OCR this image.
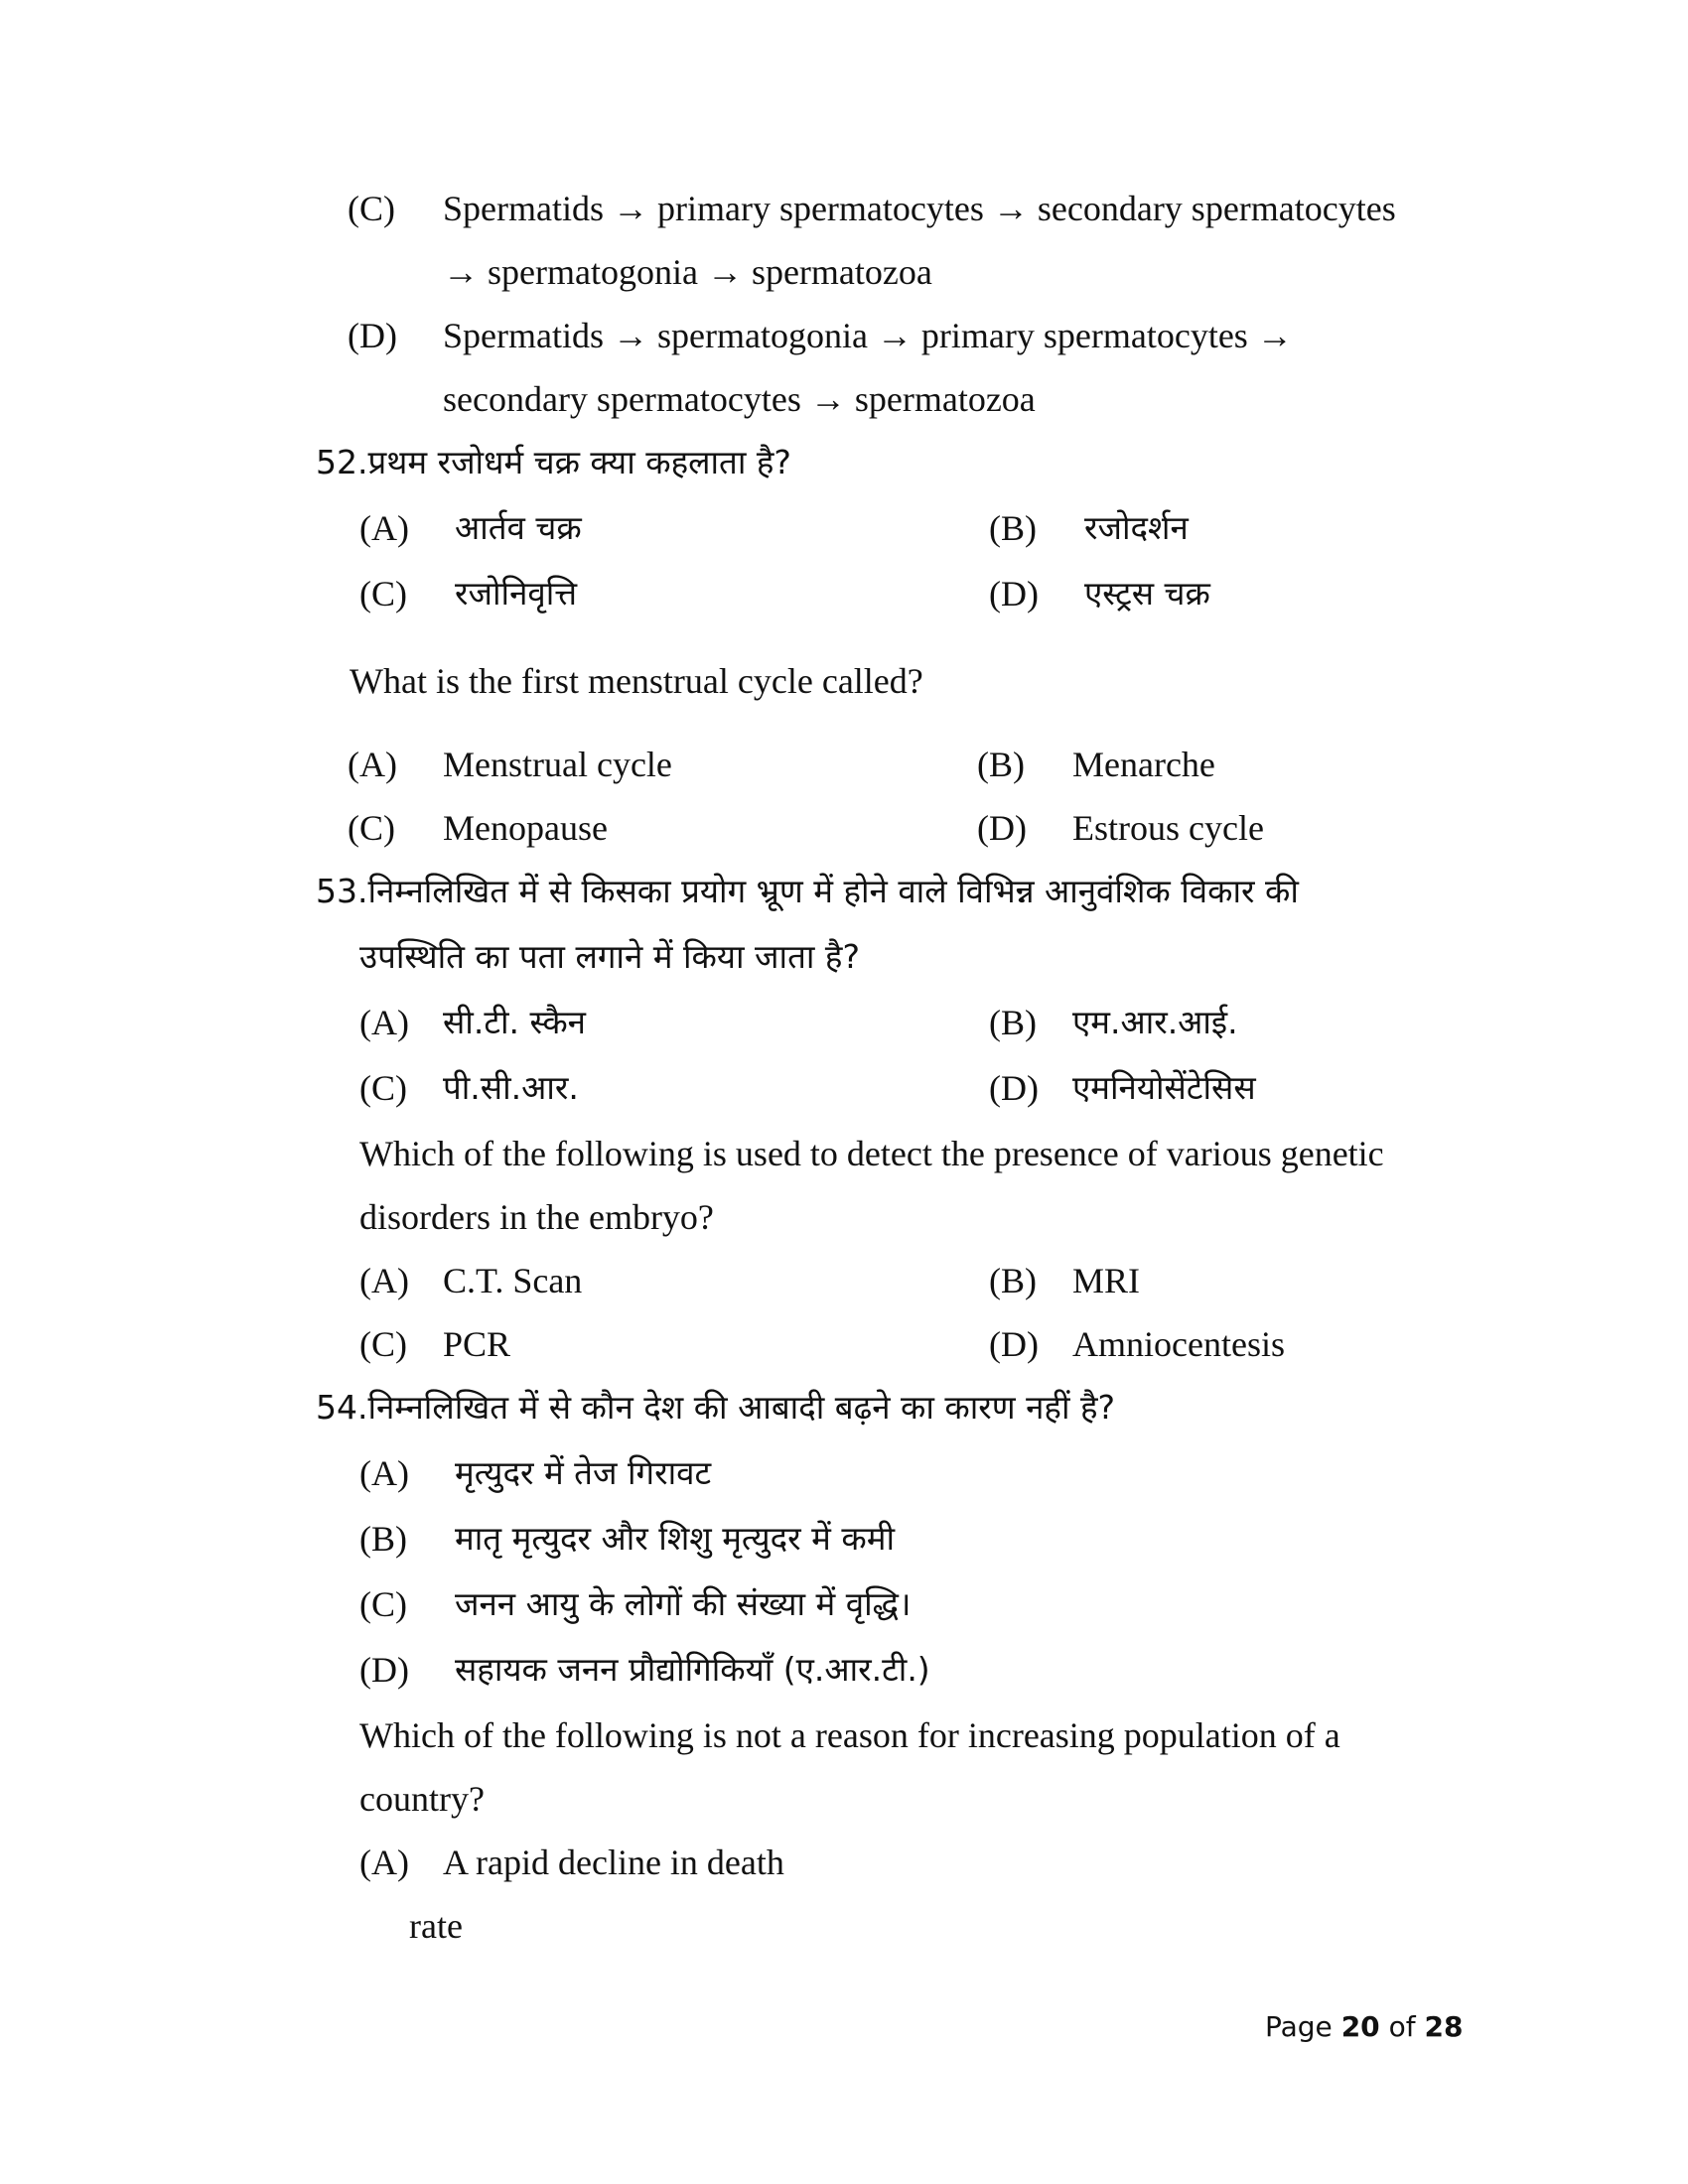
(C) Spermatids → primary spermatocytes → secondary spermatocytes
→ spermatogonia → spermatozoa
(D) Spermatids → spermatogonia → primary spermatocytes →
secondary spermatocytes → spermatozoa
52.प्रथम रजोधर्म चक्र क्या कहलाता है?
(A) आर्तव चक्र	(B) रजोदर्शन
(C) रजोनिवृत्ति	(D) एस्ट्रस चक्र
What is the first menstrual cycle called?
(A) Menstrual cycle	(B) Menarche
(C) Menopause	(D) Estrous cycle
53.निम्नलिखित में से किसका प्रयोग भ्रूण में होने वाले विभिन्न आनुवंशिक विकार की
उपस्थिति का पता लगाने में किया जाता है?
(A) सी.टी. स्कैन	(B) एम.आर.आई.
(C) पी.सी.आर.	(D) एमनियोसेंटेसिस
Which of the following is used to detect the presence of various genetic
disorders in the embryo?
(A) C.T. Scan	(B) MRI
(C) PCR	(D) Amniocentesis
54.निम्नलिखित में से कौन देश की आबादी बढ़ने का कारण नहीं है?
(A) मृत्युदर में तेज गिरावट
(B) मातृ मृत्युदर और शिशु मृत्युदर में कमी
(C) जनन आयु के लोगों की संख्या में वृद्धि।
(D) सहायक जनन प्रौद्योगिकियाँ (ए.आर.टी.)
Which of the following is not a reason for increasing population of a
country?
(A) A rapid decline in death
rate
Page 20 of 28
